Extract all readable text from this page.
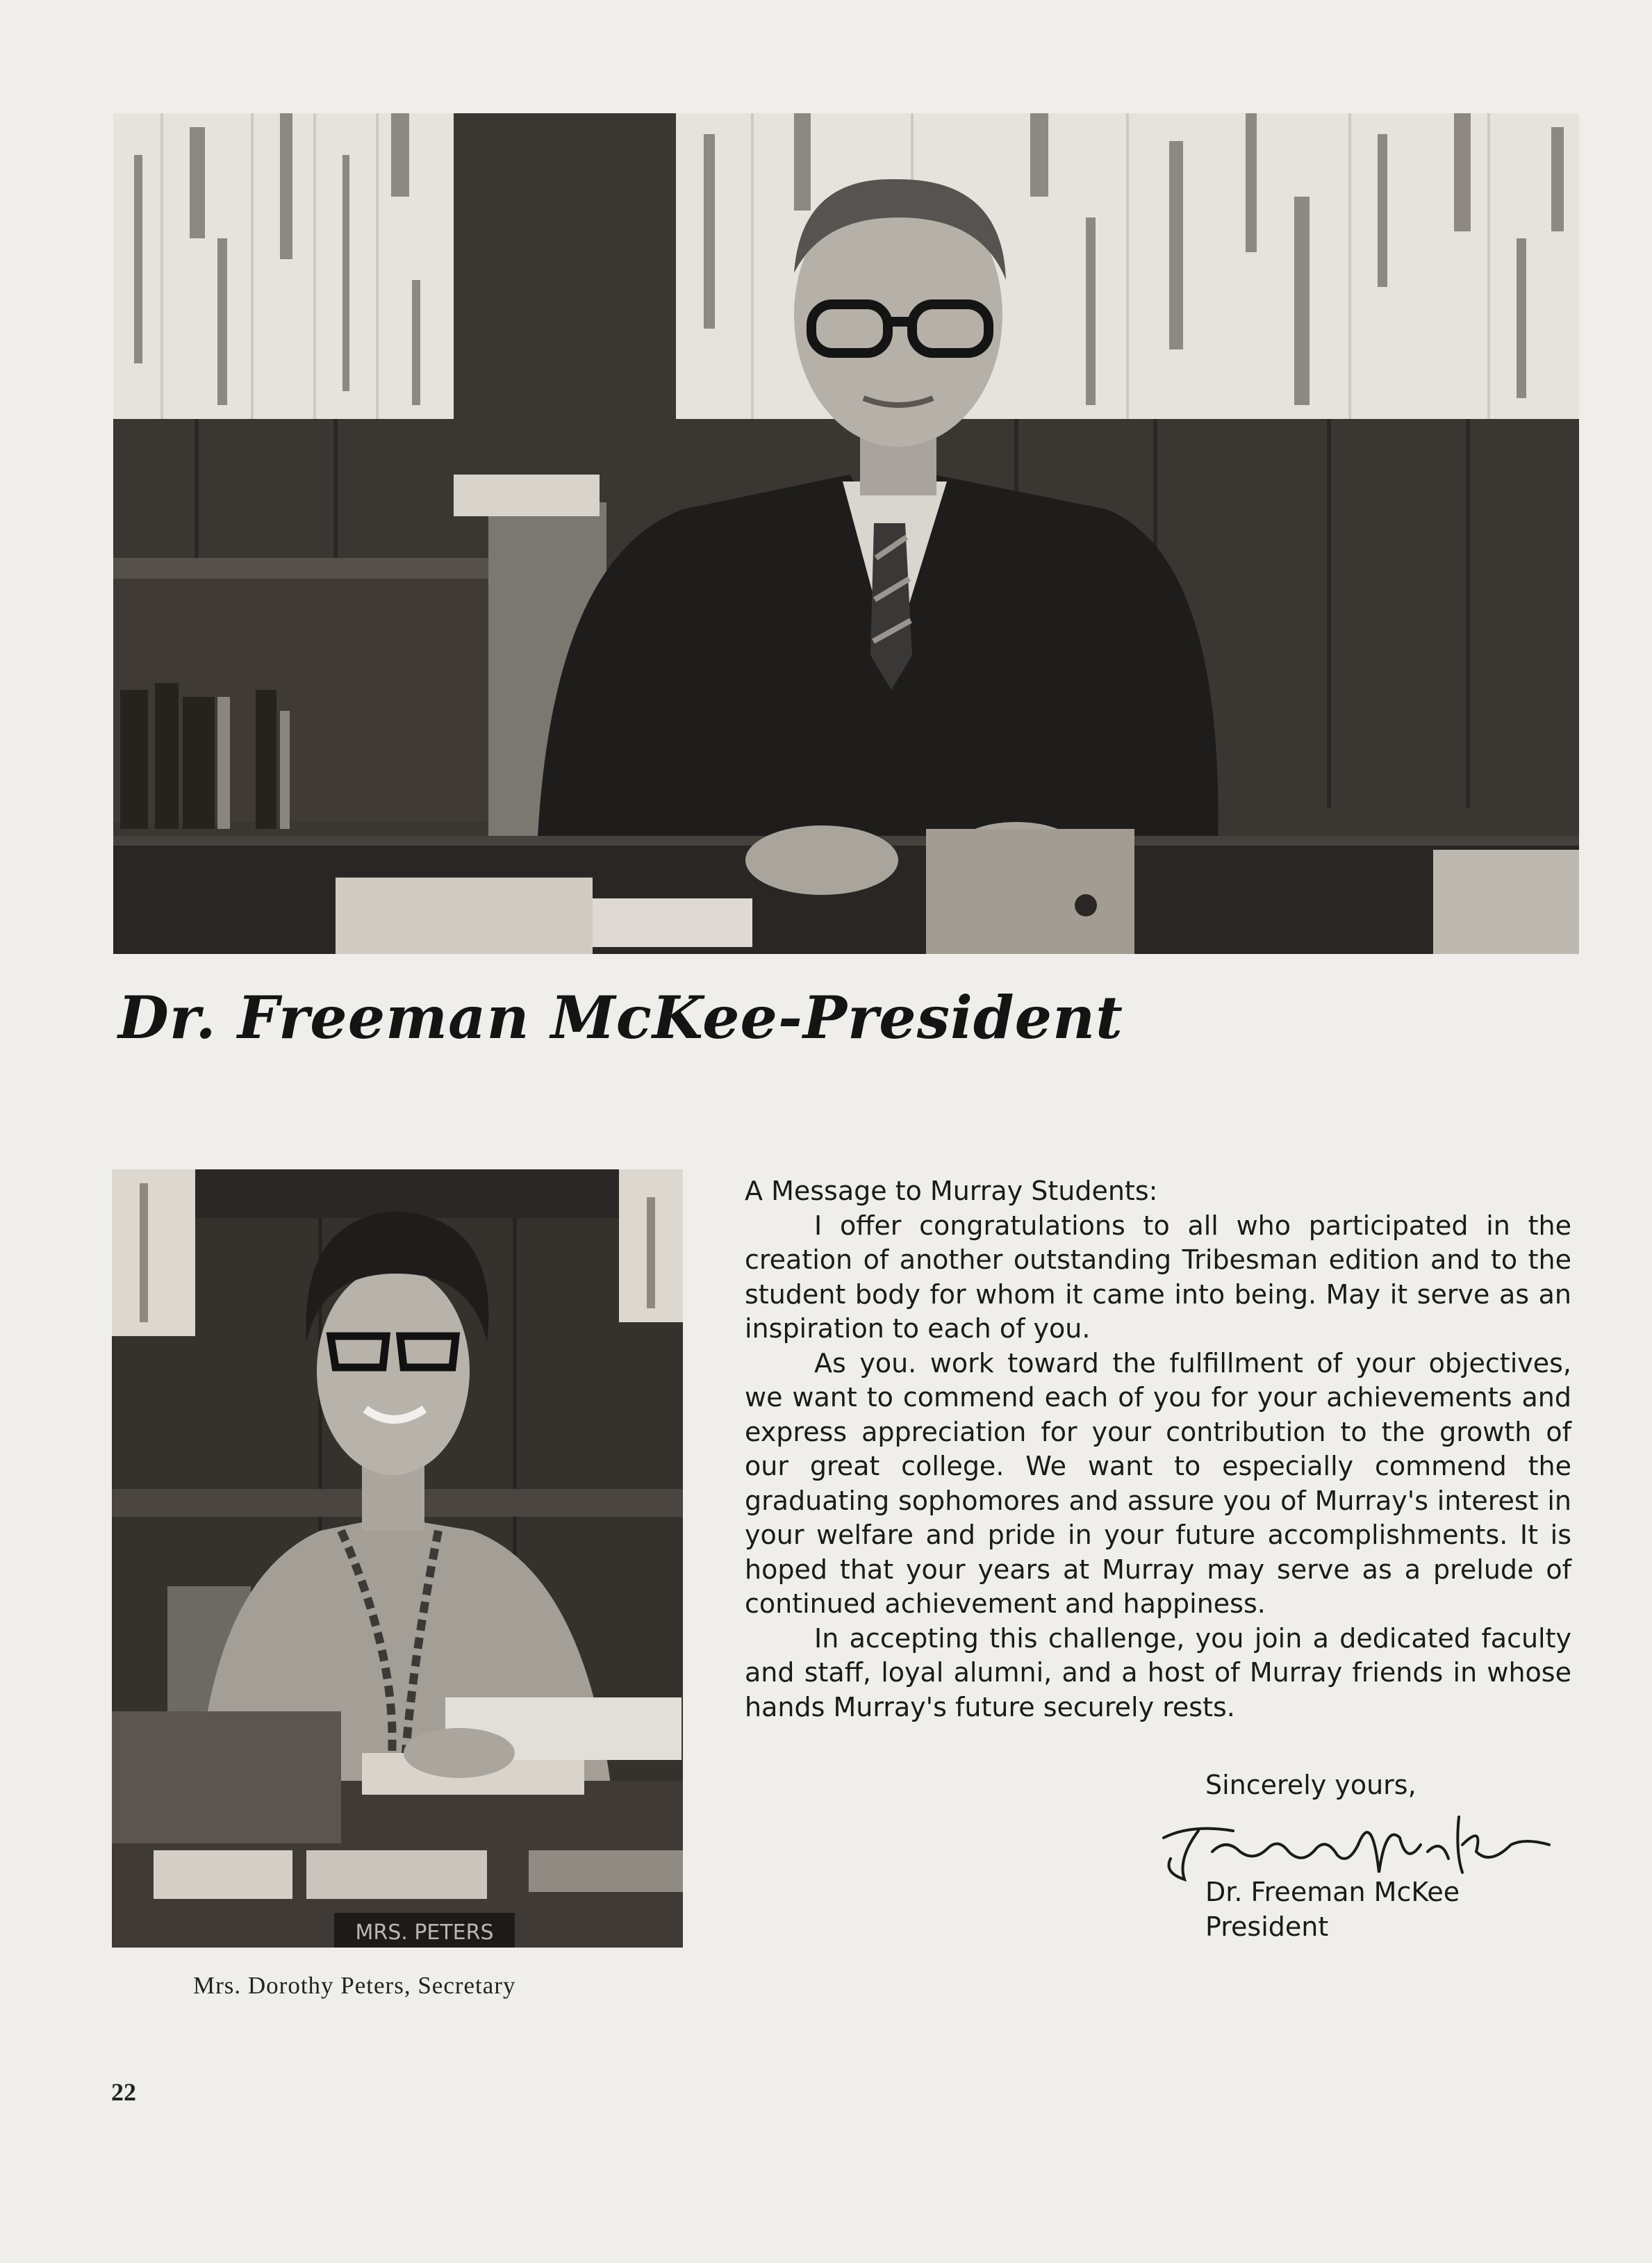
Dr. Freeman McKee-President
MRS. PETERS
Mrs. Dorothy Peters, Secretary

A Message to Murray Students:

I offer congratulations to all who participated in the creation of another outstanding Tribesman edition and to the student body for whom it came into being. May it serve as an inspiration to each of you.

As you. work toward the fulfillment of your objectives, we want to commend each of you for your achievements and express appreciation for your contribution to the growth of our great college. We want to especially commend the graduating sophomores and assure you of Murray's interest in your welfare and pride in your future accomplishments. It is hoped that your years at Murray may serve as a prelude of continued achievement and happiness.

In accepting this challenge, you join a dedicated faculty and staff, loyal alumni, and a host of Murray friends in whose hands Murray's future securely rests.

Sincerely yours,
Dr. Freeman McKee
President
22
